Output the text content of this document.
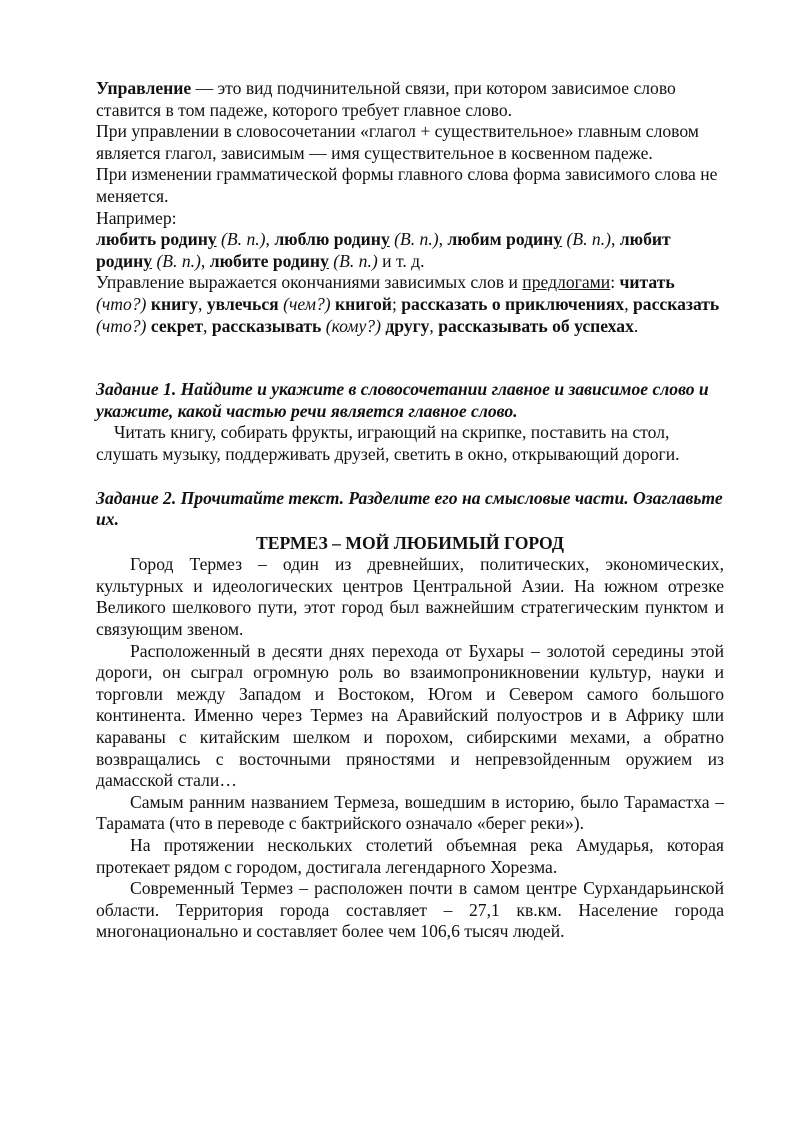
Управление — это вид подчинительной связи, при котором зависимое слово ставится в том падеже, которого требует главное слово.

При управлении в словосочетании «глагол + существительное» главным словом является глагол, зависимым — имя существительное в косвенном падеже.

При изменении грамматической формы главного слова форма зависимого слова не меняется.

Например:

любить родину (В. п.), люблю родину (В. п.), любим родину (В. п.), любит родину (В. п.), любите родину (В. п.) и т. д.

Управление выражается окончаниями зависимых слов и предлогами: читать (что?) книгу, увлечься (чем?) книгой; рассказать о приключениях, рассказать (что?) секрет, рассказывать (кому?) другу, рассказывать об успехах.

Задание 1. Найдите и укажите в словосочетании главное и зависимое слово и укажите, какой частью речи является главное слово.

Читать книгу, собирать фрукты, играющий на скрипке, поставить на стол, слушать музыку, поддерживать друзей, светить в окно, открывающий дороги.

Задание 2. Прочитайте текст. Разделите его на смысловые части. Озаглавьте их.

ТЕРМЕЗ – МОЙ ЛЮБИМЫЙ ГОРОД

Город Термез – один из древнейших, политических, экономических, культурных и идеологических центров Центральной Азии. На южном отрезке Великого шелкового пути, этот город был важнейшим стратегическим пунктом и связующим звеном.

Расположенный в десяти днях перехода от Бухары – золотой середины этой дороги, он сыграл огромную роль во взаимопроникновении культур, науки и торговли между Западом и Востоком, Югом и Севером самого большого континента. Именно через Термез на Аравийский полуостров и в Африку шли караваны с китайским шелком и порохом, сибирскими мехами, а обратно возвращались с восточными пряностями и непревзойденным оружием из дамасской стали…

Самым ранним названием Термеза, вошедшим в историю, было Тарамастха – Тарамата (что в переводе с бактрийского означало «берег реки»).

На протяжении нескольких столетий объемная река Амударья, которая протекает рядом с городом, достигала легендарного Хорезма.

Современный Термез – расположен почти в самом центре Сурхандарьинской области. Территория города составляет – 27,1 кв.км. Население города многонационально и составляет более чем 106,6 тысяч людей.
